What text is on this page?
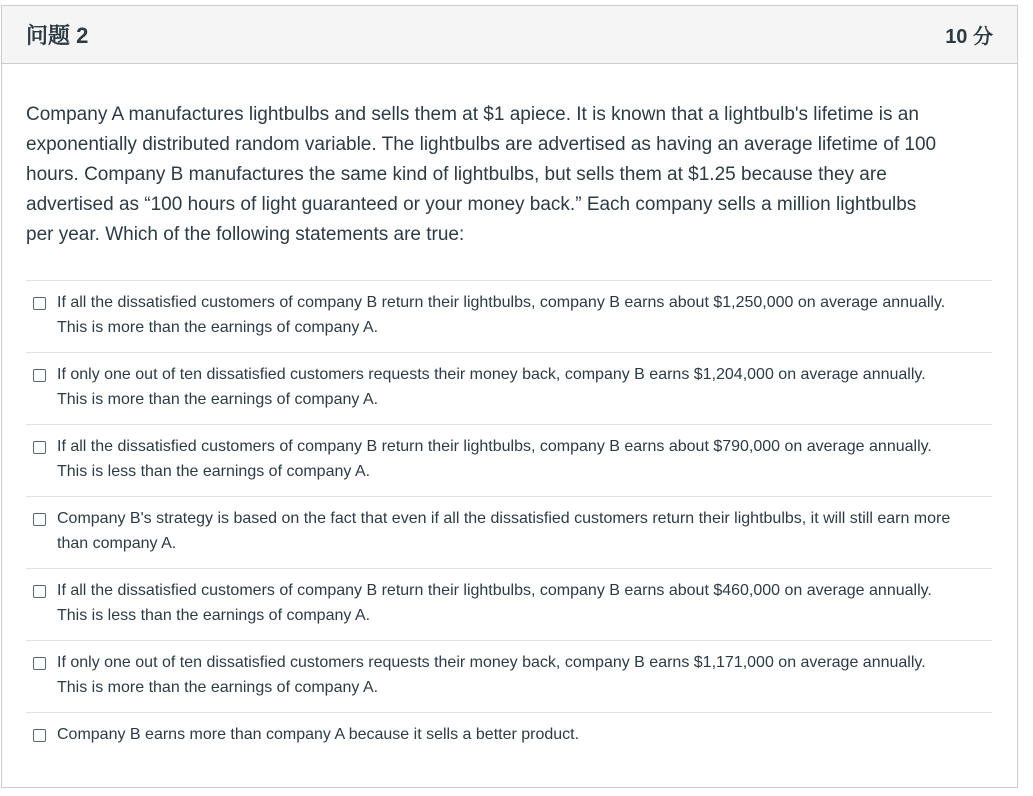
问题 2	10 分
Company A manufactures lightbulbs and sells them at $1 apiece. It is known that a lightbulb's lifetime is an exponentially distributed random variable. The lightbulbs are advertised as having an average lifetime of 100 hours. Company B manufactures the same kind of lightbulbs, but sells them at $1.25 because they are advertised as “100 hours of light guaranteed or your money back.” Each company sells a million lightbulbs per year. Which of the following statements are true:
If all the dissatisfied customers of company B return their lightbulbs, company B earns about $1,250,000 on average annually. This is more than the earnings of company A.
If only one out of ten dissatisfied customers requests their money back, company B earns $1,204,000 on average annually. This is more than the earnings of company A.
If all the dissatisfied customers of company B return their lightbulbs, company B earns about $790,000 on average annually. This is less than the earnings of company A.
Company B's strategy is based on the fact that even if all the dissatisfied customers return their lightbulbs, it will still earn more than company A.
If all the dissatisfied customers of company B return their lightbulbs, company B earns about $460,000 on average annually. This is less than the earnings of company A.
If only one out of ten dissatisfied customers requests their money back, company B earns $1,171,000 on average annually. This is more than the earnings of company A.
Company B earns more than company A because it sells a better product.
